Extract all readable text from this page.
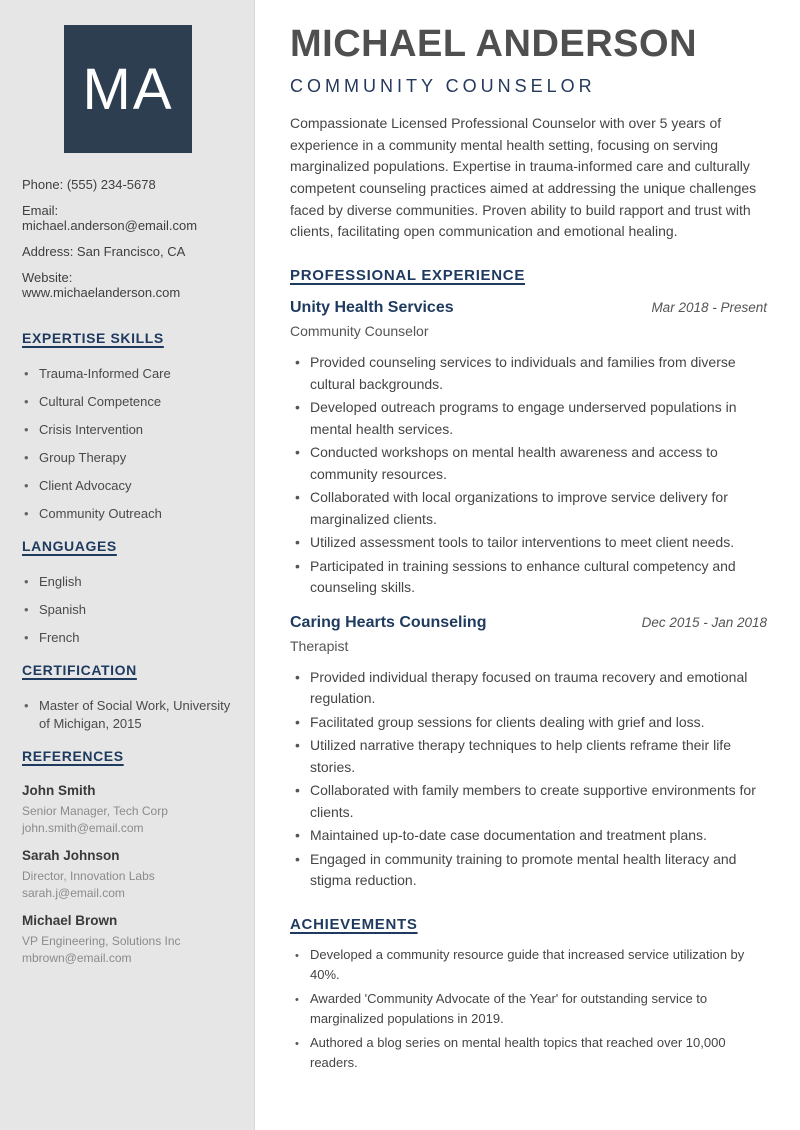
MA
Phone: (555) 234-5678
Email: michael.anderson@email.com
Address: San Francisco, CA
Website: www.michaelanderson.com
EXPERTISE SKILLS
• Trauma-Informed Care
• Cultural Competence
• Crisis Intervention
• Group Therapy
• Client Advocacy
• Community Outreach
LANGUAGES
• English
• Spanish
• French
CERTIFICATION
• Master of Social Work, University of Michigan, 2015
REFERENCES
John Smith
Senior Manager, Tech Corp
john.smith@email.com
Sarah Johnson
Director, Innovation Labs
sarah.j@email.com
Michael Brown
VP Engineering, Solutions Inc
mbrown@email.com
MICHAEL ANDERSON
COMMUNITY COUNSELOR

Compassionate Licensed Professional Counselor with over 5 years of experience in a community mental health setting, focusing on serving marginalized populations. Expertise in trauma-informed care and culturally competent counseling practices aimed at addressing the unique challenges faced by diverse communities. Proven ability to build rapport and trust with clients, facilitating open communication and emotional healing.

PROFESSIONAL EXPERIENCE
Unity Health Services	Mar 2018 - Present
Community Counselor
• Provided counseling services to individuals and families from diverse cultural backgrounds.
• Developed outreach programs to engage underserved populations in mental health services.
• Conducted workshops on mental health awareness and access to community resources.
• Collaborated with local organizations to improve service delivery for marginalized clients.
• Utilized assessment tools to tailor interventions to meet client needs.
• Participated in training sessions to enhance cultural competency and counseling skills.
Caring Hearts Counseling	Dec 2015 - Jan 2018
Therapist
• Provided individual therapy focused on trauma recovery and emotional regulation.
• Facilitated group sessions for clients dealing with grief and loss.
• Utilized narrative therapy techniques to help clients reframe their life stories.
• Collaborated with family members to create supportive environments for clients.
• Maintained up-to-date case documentation and treatment plans.
• Engaged in community training to promote mental health literacy and stigma reduction.
ACHIEVEMENTS
• Developed a community resource guide that increased service utilization by 40%.
• Awarded 'Community Advocate of the Year' for outstanding service to marginalized populations in 2019.
• Authored a blog series on mental health topics that reached over 10,000 readers.
